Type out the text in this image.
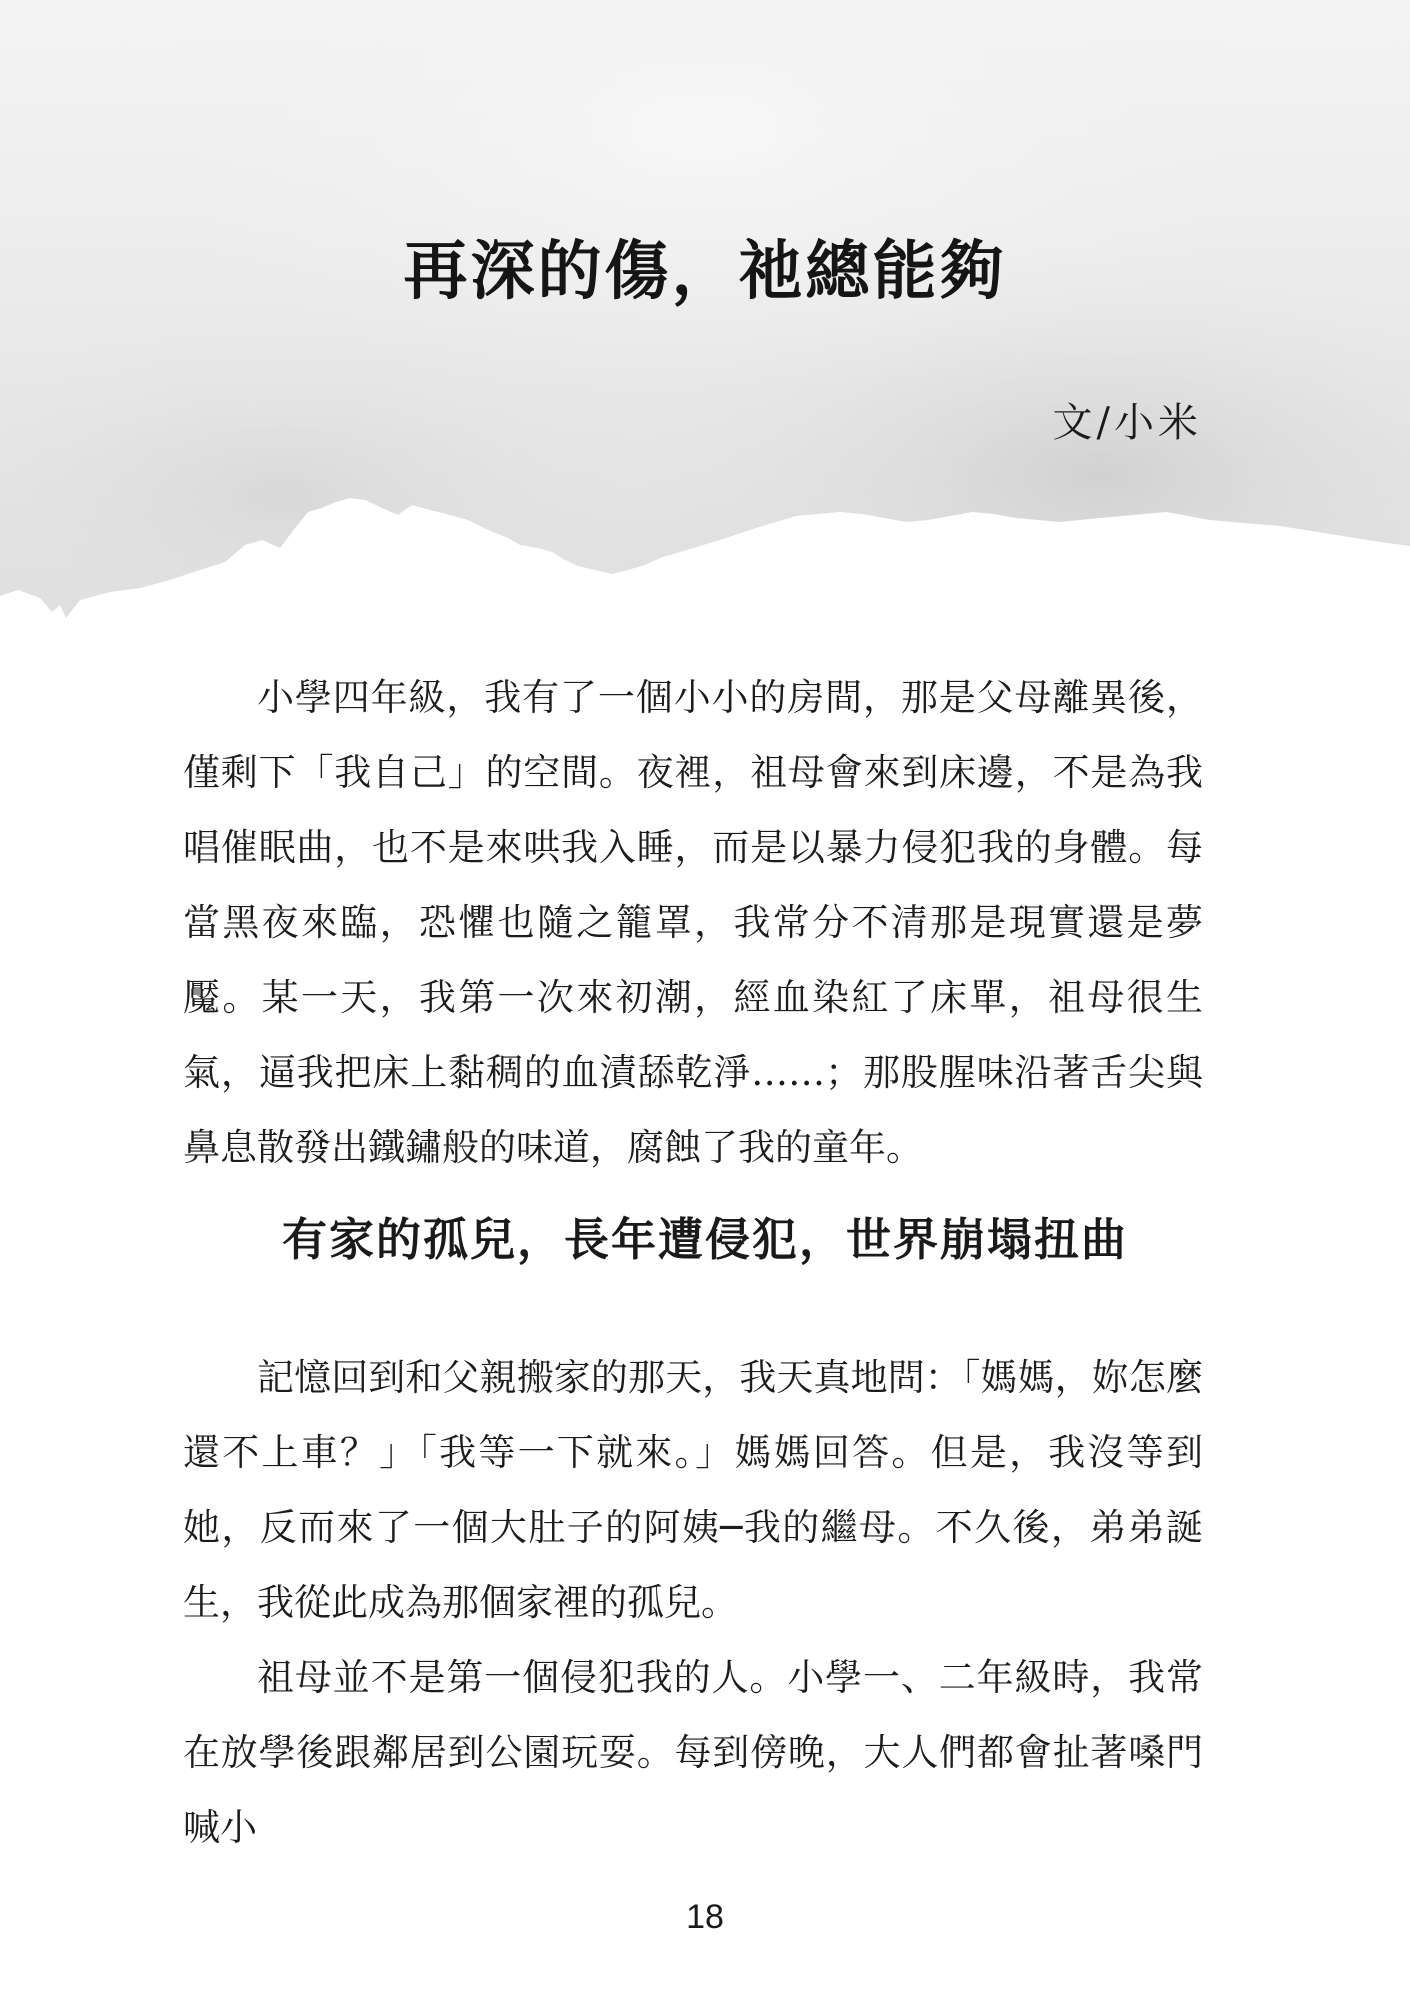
再深的傷，祂總能夠
文/小米

小學四年級，我有了一個小小的房間，那是父母離異後，僅剩下「我自己」的空間。夜裡，祖母會來到床邊，不是為我唱催眠曲，也不是來哄我入睡，而是以暴力侵犯我的身體。每當黑夜來臨，恐懼也隨之籠罩，我常分不清那是現實還是夢魘。某一天，我第一次來初潮，經血染紅了床單，祖母很生氣，逼我把床上黏稠的血漬舔乾淨……；那股腥味沿著舌尖與鼻息散發出鐵鏽般的味道，腐蝕了我的童年。

有家的孤兒，長年遭侵犯，世界崩塌扭曲

記憶回到和父親搬家的那天，我天真地問：「媽媽，妳怎麼還不上車？」「我等一下就來。」媽媽回答。但是，我沒等到她，反而來了一個大肚子的阿姨─我的繼母。不久後，弟弟誕生，我從此成為那個家裡的孤兒。

祖母並不是第一個侵犯我的人。小學一、二年級時，我常在放學後跟鄰居到公園玩耍。每到傍晚，大人們都會扯著嗓門喊小

18
